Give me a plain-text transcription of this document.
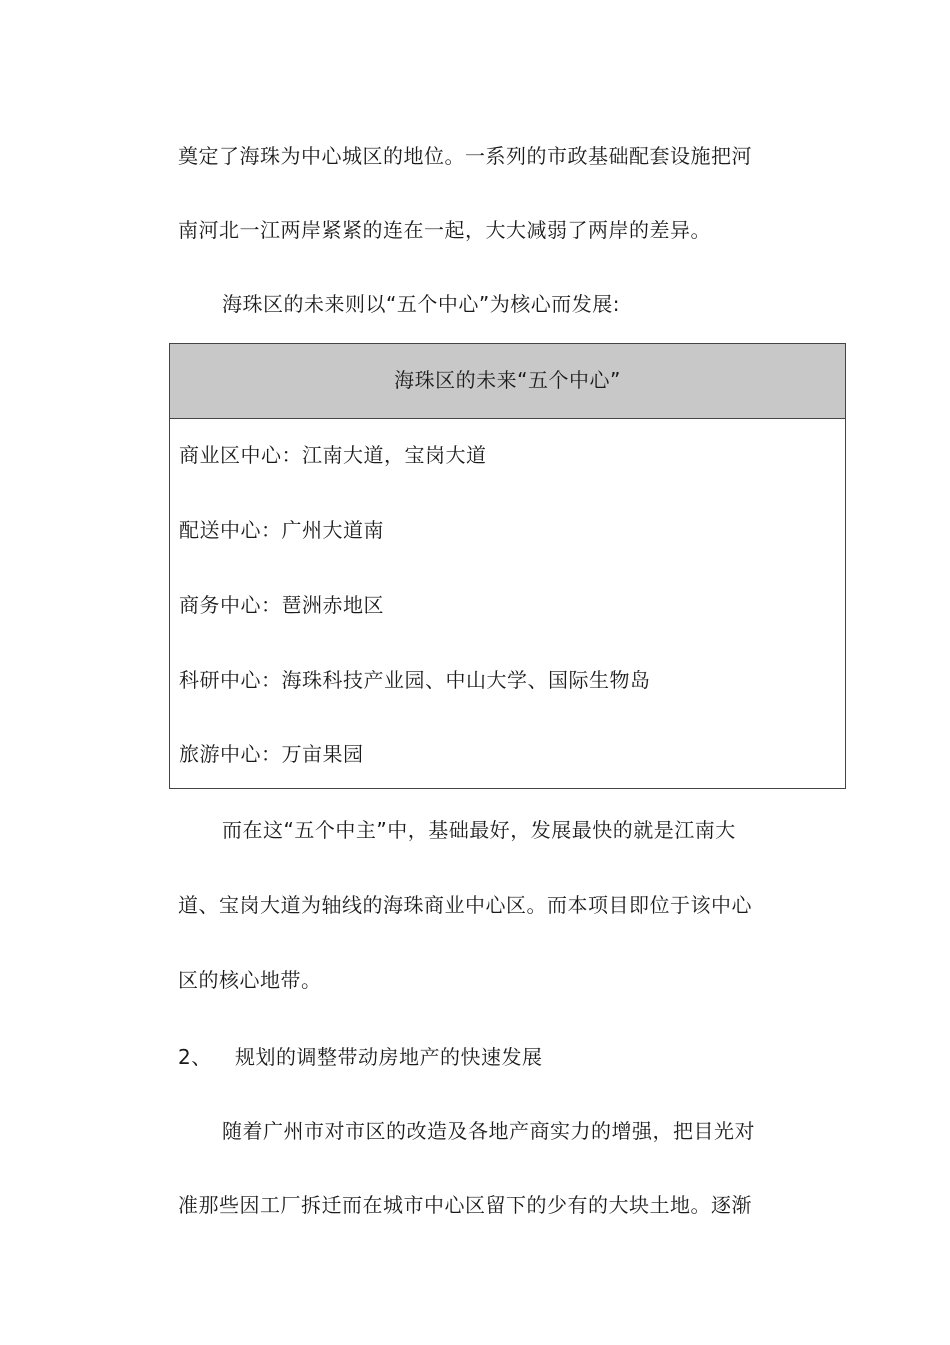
奠定了海珠为中心城区的地位。一系列的市政基础配套设施把河
南河北一江两岸紧紧的连在一起，大大减弱了两岸的差异。
海珠区的未来则以“五个中心”为核心而发展:
海珠区的未来“五个中心”
商业区中心：江南大道，宝岗大道
配送中心：广州大道南
商务中心：琶洲赤地区
科研中心：海珠科技产业园、中山大学、国际生物岛
旅游中心：万亩果园
而在这“五个中主”中，基础最好，发展最快的就是江南大
道、宝岗大道为轴线的海珠商业中心区。而本项目即位于该中心
区的核心地带。
2、 规划的调整带动房地产的快速发展
随着广州市对市区的改造及各地产商实力的增强，把目光对
准那些因工厂拆迁而在城市中心区留下的少有的大块土地。逐渐
